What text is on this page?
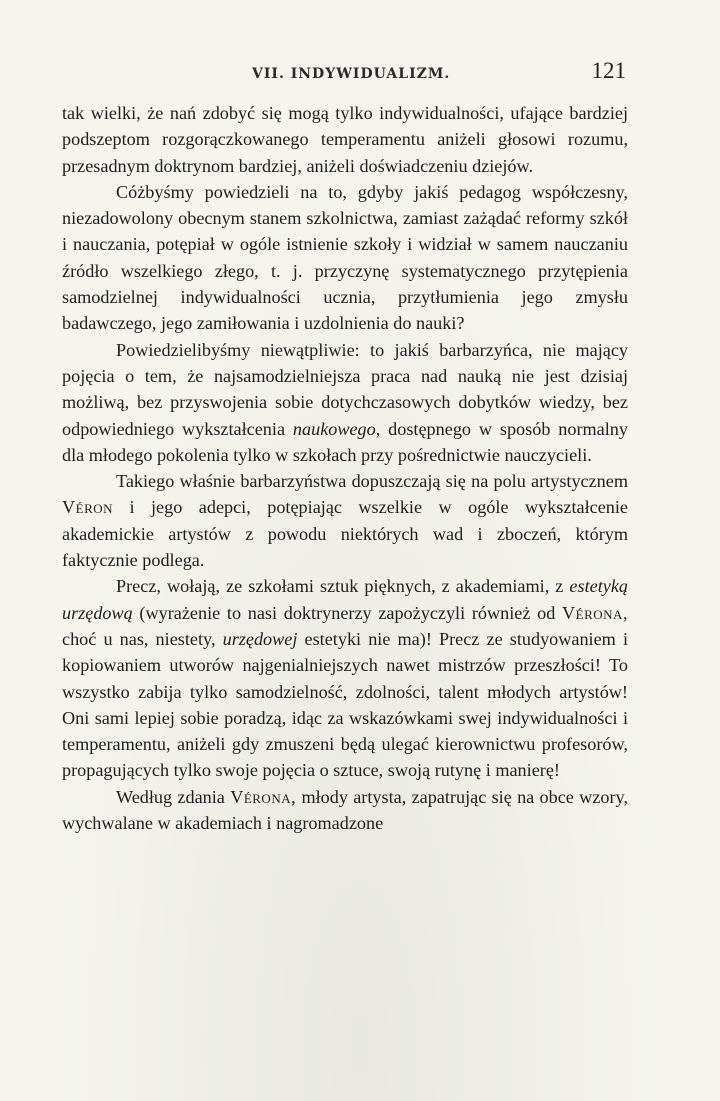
VII. INDYWIDUALIZM.	121

tak wielki, że nań zdobyć się mogą tylko indywidualności, ufające bardziej podszeptom rozgorączkowanego temperamentu aniżeli głosowi rozumu, przesadnym doktrynom bardziej, aniżeli doświadczeniu dziejów.

Cóżbyśmy powiedzieli na to, gdyby jakiś pedagog współczesny, niezadowolony obecnym stanem szkolnictwa, zamiast zażądać reformy szkół i nauczania, potępiał w ogóle istnienie szkoły i widział w samem nauczaniu źródło wszelkiego złego, t. j. przyczynę systematycznego przytępienia samodzielnej indywidualności ucznia, przytłumienia jego zmysłu badawczego, jego zamiłowania i uzdolnienia do nauki?

Powiedzielibyśmy niewątpliwie: to jakiś barbarzyńca, nie mający pojęcia o tem, że najsamodzielniejsza praca nad nauką nie jest dzisiaj możliwą, bez przyswojenia sobie dotychczasowych dobytków wiedzy, bez odpowiedniego wykształcenia naukowego, dostępnego w sposób normalny dla młodego pokolenia tylko w szkołach przy pośrednictwie nauczycieli.

Takiego właśnie barbarzyństwa dopuszczają się na polu artystycznem Véron i jego adepci, potępiając wszelkie w ogóle wykształcenie akademickie artystów z powodu niektórych wad i zboczeń, którym faktycznie podlega.

Precz, wołają, ze szkołami sztuk pięknych, z akademiami, z estetyką urzędową (wyrażenie to nasi doktrynerzy zapożyczyli również od Vérona, choć u nas, niestety, urzędowej estetyki nie ma)! Precz ze studyowaniem i kopiowaniem utworów najgenialniejszych nawet mistrzów przeszłości! To wszystko zabija tylko samodzielność, zdolności, talent młodych artystów! Oni sami lepiej sobie poradzą, idąc za wskazówkami swej indywidualności i temperamentu, aniżeli gdy zmuszeni będą ulegać kierownictwu profesorów, propagujących tylko swoje pojęcia o sztuce, swoją rutynę i manierę!

Według zdania Vérona, młody artysta, zapatrując się na obce wzory, wychwalane w akademiach i nagromadzone
